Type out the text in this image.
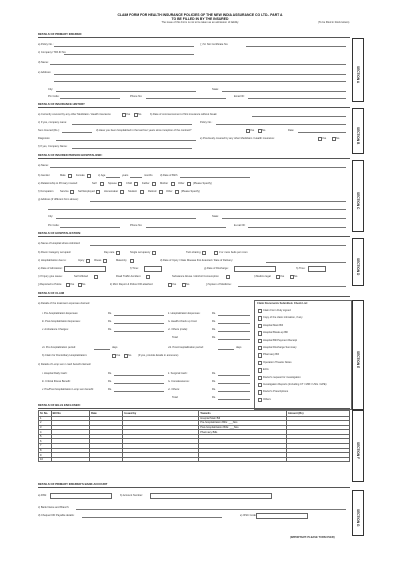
CLAIM FORM FOR HEALTH INSURANCE POLICIES OF THE NEW INDIA ASSURANCE CO LTD– PART A
TO BE FILLED IN BY THE INSURED
The issue of this Form is not to be taken as an admission of liability	(To be filled in block letters)
DETAILS OF PRIMARY INSURED:
SECTION A
a) Policy No.:	( ) Sl. No/ Certificate No:
c) Company/ TPA ID No:
d) Name:
e) Address:
City:	State:
Pin Code:	Phone No:	Email ID:
DETAILS OF INSURANCE HISTORY
SECTION B
a) Currently covered by any other Mediclaim / Health insurance:	Yes	No	b) Date of commencement of first insurance without break:
c) If yes, company name:	Policy No.:
Sum Insured (Rs.):	d) Have you been hospitalized in the last four years since inception of the contract?	Yes	No	Date:
Diagnosis:	e) Previously covered by any other Mediclaim / Health insurance:	Yes	No
f) If yes, Company Name:
DETAILS OF INSURED PERSON HOSPITALIZED:
SECTION C
a) Name:
b) Gender	Male	Female	c) Age	years	months	d) Date of Birth
e) Relationship to Primary insured:	Self	Spouse	Child	Father	Mother	Other	(Please Specify)
f) Occupation	Service	Self Employed	Homemaker	Student	Retired	Other	(Please Specify)
g) Address (if different from above):
City:	State:
Pin Code:	Phone No:	E-mail ID:
DETAILS OF HOSPITALIZATION:
SECTION D
a) Name of Hospital where Admitted:
b) Room Category occupied:	Day care	Single occupancy	Twin sharing	3 or more beds per room
c) Hospitalization due to:	Injury	Illness	Maternity	d) Date of Injury / Date Disease first detected / Date of Delivery:
e) Date of Admission:	f) Time:	g) Date of Discharge:	h) Time:
i) If Injury give cause:	Self inflicted	Road Traffic Accident	Substance Abuse / Alcohol Consumption	i) Medico legal	Yes	No
j) Reported to Police	Yes	No	ii) MLC Report & Police FIR attached	Yes	No	j) System of Medicine:
DETAILS OF CLAIM
SECTION E
a) Details of the treatment expenses claimed
i. Pre-hospitalization Expenses:	Rs.	ii. Hospitalization Expenses:	Rs.
iii. Post-hospitalization Expenses:	Rs.	iv. Health-Check up Cost:	Rs.
v. Ambulance Charges:	Rs.	vi. Others (code):	Rs.
Total:	Rs.
vii. Pre-hospitalization period:	days	viii. Post-hospitalization period:	days
b) Claim for Domiciliary Hospitalization:	Yes	No	(If yes, provide details in annexure)
c) Details of Lump sum / cash benefit claimed:
i. Hospital Daily Cash:	Rs.	ii. Surgical Cash:	Rs.
iii. Critical Illness Benefit:	Rs.	iv. Convalescence:	Rs.
v. Pre/Post hospitalization Lump sum benefit:	Rs.	vi. Others:	Rs.
Total:	Rs.
Claim Documents Submitted- Check List:
Claim Form Duly signed
Copy of the claim intimation, if any
Hospital Main Bill
Hospital Break-up Bill
Hospital Bill Payment Receipt
Hospital Discharge Summary
Pharmacy Bill
Operation Theatre Notes
ECG
Doctor's request for investigation
Investigation Reports (Including CT / MRI / USG / HPE)
Doctor's Prescriptions
Others
DETAILS OF BILLS ENCLOSED:
SECTION F
Sl. No.	Bill No	Date	Issued by	Towards	Amount (Rs)
1				Hospital Main Bill	
2				Pre-hospitalization Bills: ___Nos	
3				Post-hospitalization Bills: ___Nos	
4				Pharmacy Bills	
5					
6					
7					
8					
9					
10					
DETAILS OF PRIMARY INSURED'S BANK ACCOUNT
SECTION G
a) PAN:	b) Account Number:
c) Bank Name and Branch:
d) Cheque/ DD Payable details:	e) IFSC Code:
(IMPORTANT: PLEASE TURN OVER)
